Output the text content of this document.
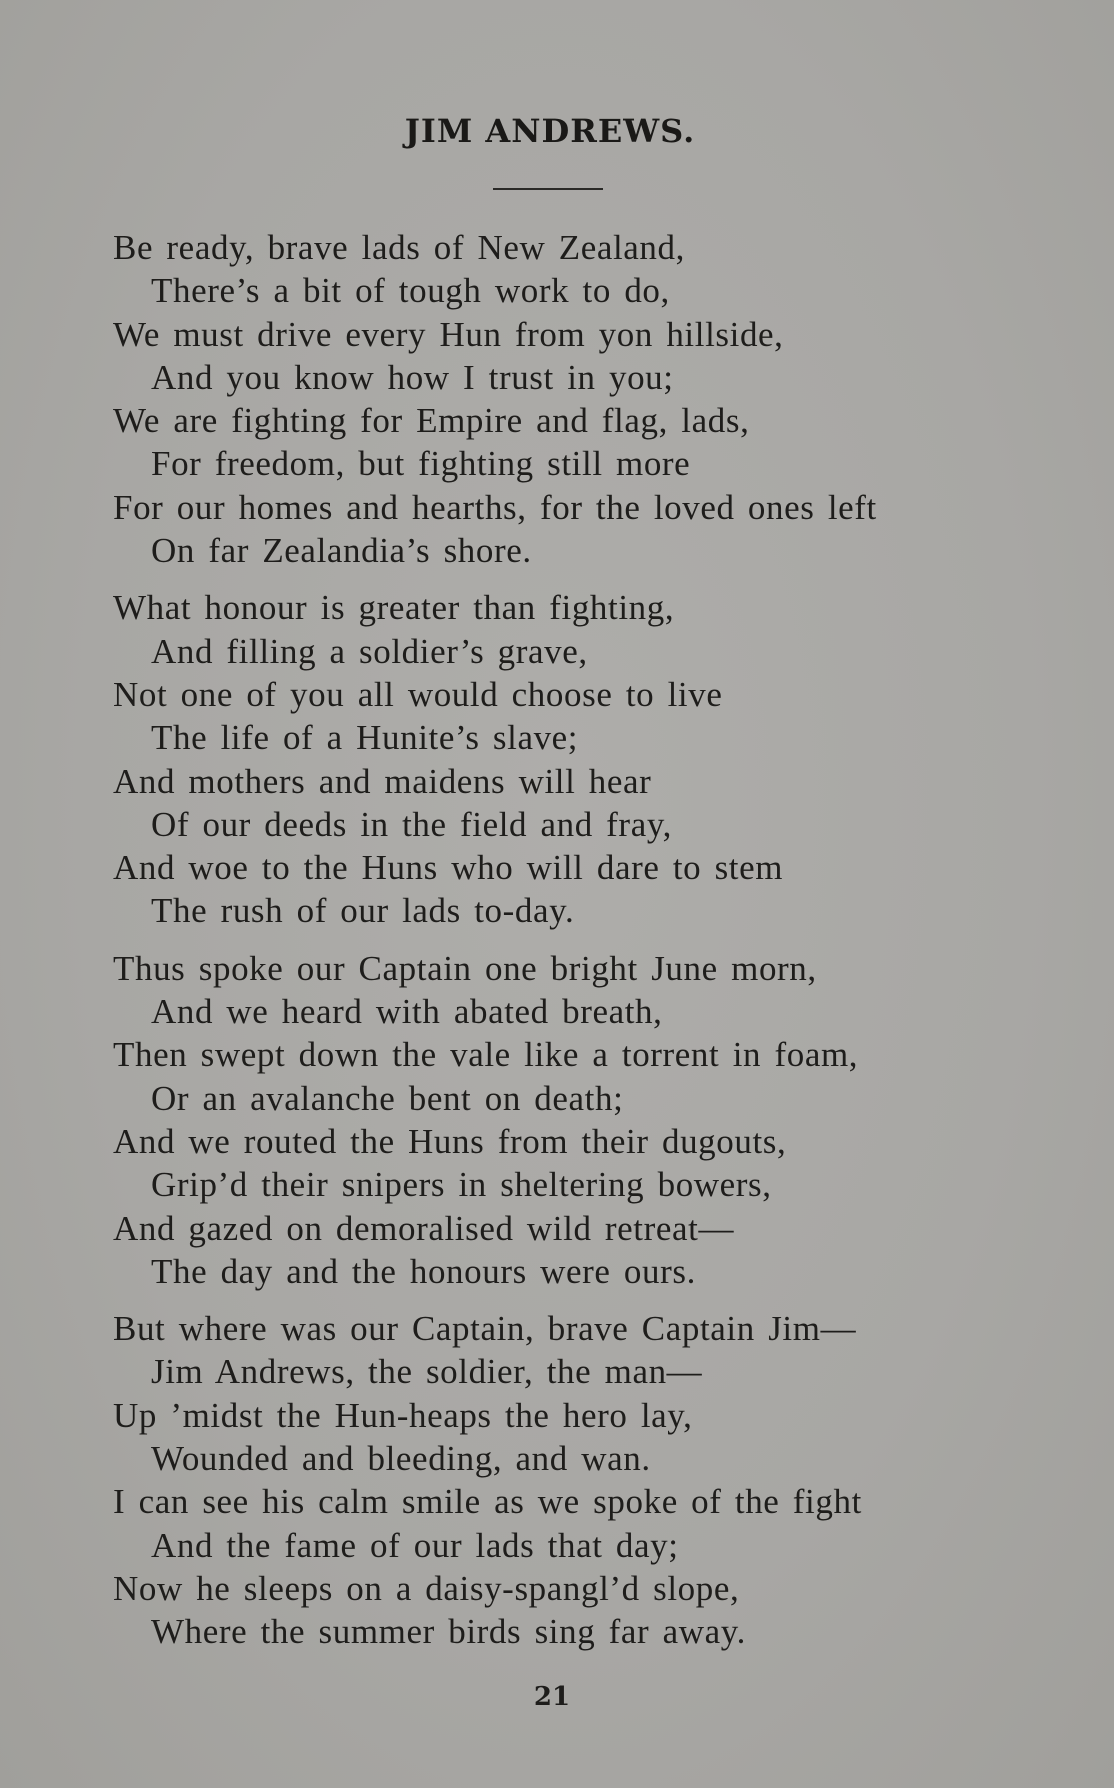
JIM ANDREWS.
Be ready, brave lads of New Zealand,
There’s a bit of tough work to do,
We must drive every Hun from yon hillside,
And you know how I trust in you;
We are fighting for Empire and flag, lads,
For freedom, but fighting still more
For our homes and hearths, for the loved ones left
On far Zealandia’s shore.
What honour is greater than fighting,
And filling a soldier’s grave,
Not one of you all would choose to live
The life of a Hunite’s slave;
And mothers and maidens will hear
Of our deeds in the field and fray,
And woe to the Huns who will dare to stem
The rush of our lads to-day.
Thus spoke our Captain one bright June morn,
And we heard with abated breath,
Then swept down the vale like a torrent in foam,
Or an avalanche bent on death;
And we routed the Huns from their dugouts,
Grip’d their snipers in sheltering bowers,
And gazed on demoralised wild retreat—
The day and the honours were ours.
But where was our Captain, brave Captain Jim—
Jim Andrews, the soldier, the man—
Up ’midst the Hun-heaps the hero lay,
Wounded and bleeding, and wan.
I can see his calm smile as we spoke of the fight
And the fame of our lads that day;
Now he sleeps on a daisy-spangl’d slope,
Where the summer birds sing far away.
21
